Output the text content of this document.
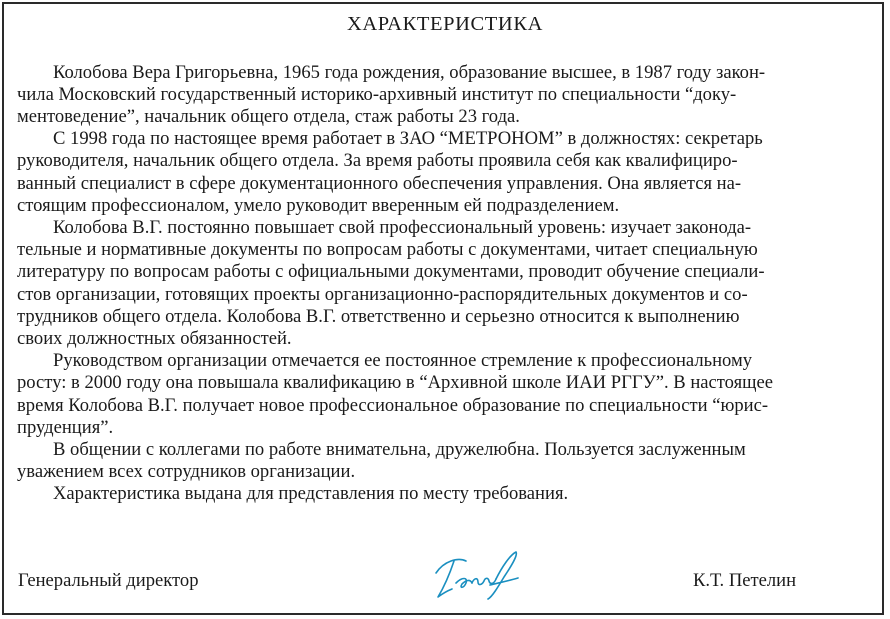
ХАРАКТЕРИСТИКА
Колобова Вера Григорьевна, 1965 года рождения, образование высшее, в 1987 году закон-
чила Московский государственный историко-архивный институт по специальности “доку-
ментоведение”, начальник общего отдела, стаж работы 23 года.
С 1998 года по настоящее время работает в ЗАО “МЕТРОНОМ” в должностях: секретарь
руководителя, начальник общего отдела. За время работы проявила себя как квалифициро-
ванный специалист в сфере документационного обеспечения управления. Она является на-
стоящим профессионалом, умело руководит вверенным ей подразделением.
Колобова В.Г. постоянно повышает свой профессиональный уровень: изучает законода-
тельные и нормативные документы по вопросам работы с документами, читает специальную
литературу по вопросам работы с официальными документами, проводит обучение специали-
стов организации, готовящих проекты организационно-распорядительных документов и со-
трудников общего отдела. Колобова В.Г. ответственно и серьезно относится к выполнению
своих должностных обязанностей.
Руководством организации отмечается ее постоянное стремление к профессиональному
росту: в 2000 году она повышала квалификацию в “Архивной школе ИАИ РГГУ”. В настоящее
время Колобова В.Г. получает новое профессиональное образование по специальности “юрис-
пруденция”.
В общении с коллегами по работе внимательна, дружелюбна. Пользуется заслуженным
уважением всех сотрудников организации.
Характеристика выдана для представления по месту требования.
Генеральный директор	К.Т. Петелин
